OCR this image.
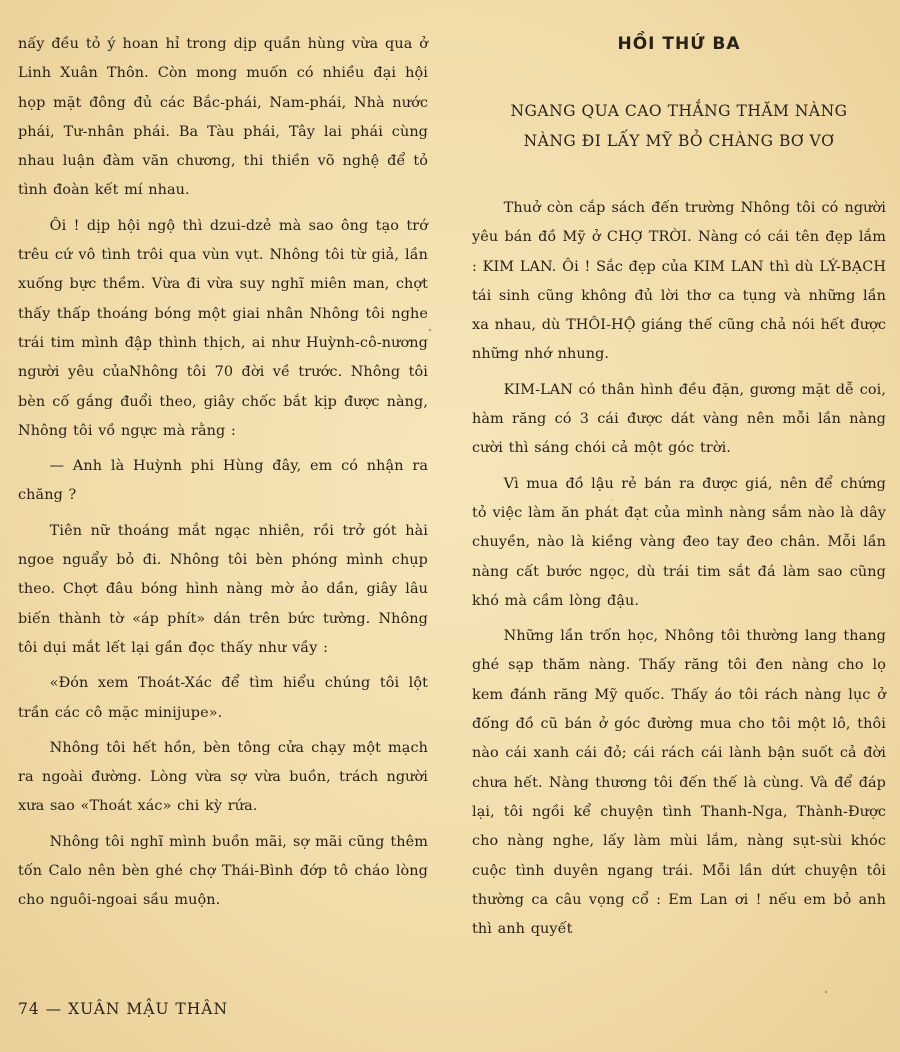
nấy đều tỏ ý hoan hỉ trong dịp quần hùng vừa qua ở Linh Xuân Thôn. Còn mong muốn có nhiều đại hội họp mặt đông đủ các Bắc-phái, Nam-phái, Nhà nước phái, Tư-nhân phái. Ba Tàu phái, Tây lai phái cùng nhau luận đàm văn chương, thi thiền võ nghệ để tỏ tình đoàn kết mí nhau.

Ôi ! dịp hội ngộ thì dzui-dzẻ mà sao ông tạo trớ trêu cứ vô tình trôi qua vùn vụt. Nhông tôi từ giả, lần xuống bực thềm. Vừa đi vừa suy nghĩ miên man, chợt thấy thấp thoáng bóng một giai nhân Nhông tôi nghe trái tim mình đập thình thịch, ai như Huỳnh-cô-nương người yêu củaNhông tôi 70 đời về trước. Nhông tôi bèn cố gắng đuổi theo, giây chốc bắt kịp được nàng, Nhông tôi vồ ngực mà rằng :

— Anh là Huỳnh phi Hùng đây, em có nhận ra chăng ?

Tiên nữ thoáng mắt ngạc nhiên, rồi trở gót hài ngoe nguẩy bỏ đi. Nhông tôi bèn phóng mình chụp theo. Chợt đâu bóng hình nàng mờ ảo dần, giây lâu biến thành tờ «áp phít» dán trên bức tường. Nhông tôi dụi mắt lết lại gần đọc thấy như vầy :

«Đón xem Thoát-Xác để tìm hiểu chúng tôi lột trần các cô mặc minijupe».

Nhông tôi hết hồn, bèn tông cửa chạy một mạch ra ngoài đường. Lòng vừa sợ vừa buồn, trách người xưa sao «Thoát xác» chi kỳ rứa.

Nhông tôi nghĩ mình buồn mãi, sợ mãi cũng thêm tốn Calo nên bèn ghé chợ Thái-Bình đớp tô cháo lòng cho nguôi-ngoai sầu muộn.

HỒI THỨ BA
NGANG QUA CAO THẮNG THĂM NÀNG
NÀNG ĐI LẤY MỸ BỎ CHÀNG BƠ VƠ

Thuở còn cắp sách đến trường Nhông tôi có người yêu bán đồ Mỹ ở CHỢ TRỜI. Nàng có cái tên đẹp lắm : KIM LAN. Ôi ! Sắc đẹp của KIM LAN thì dù LÝ-BẠCH tái sinh cũng không đủ lời thơ ca tụng và những lần xa nhau, dù THÔI-HỘ giáng thế cũng chả nói hết được những nhớ nhung.

KIM-LAN có thân hình đều đặn, gương mặt dễ coi, hàm răng có 3 cái được dát vàng nên mỗi lần nàng cười thì sáng chói cả một góc trời.

Vì mua đồ lậu rẻ bán ra được giá, nên để chứng tỏ việc làm ăn phát đạt của mình nàng sắm nào là dây chuyền, nào là kiềng vàng đeo tay đeo chân. Mỗi lần nàng cất bước ngọc, dù trái tim sắt đá làm sao cũng khó mà cầm lòng đậu.

Những lần trốn học, Nhông tôi thường lang thang ghé sạp thăm nàng. Thấy răng tôi đen nàng cho lọ kem đánh răng Mỹ quốc. Thấy áo tôi rách nàng lục ở đống đồ cũ bán ở góc đường mua cho tôi một lô, thôi nào cái xanh cái đỏ; cái rách cái lành bận suốt cả đời chưa hết. Nàng thương tôi đến thế là cùng. Và để đáp lại, tôi ngồi kể chuyện tình Thanh-Nga, Thành-Được cho nàng nghe, lấy làm mùi lắm, nàng sụt-sùi khóc cuộc tình duyên ngang trái. Mỗi lần dứt chuyện tôi thường ca câu vọng cổ : Em Lan ơi ! nếu em bỏ anh thì anh quyết

74 — XUÂN MẬU THÂN
